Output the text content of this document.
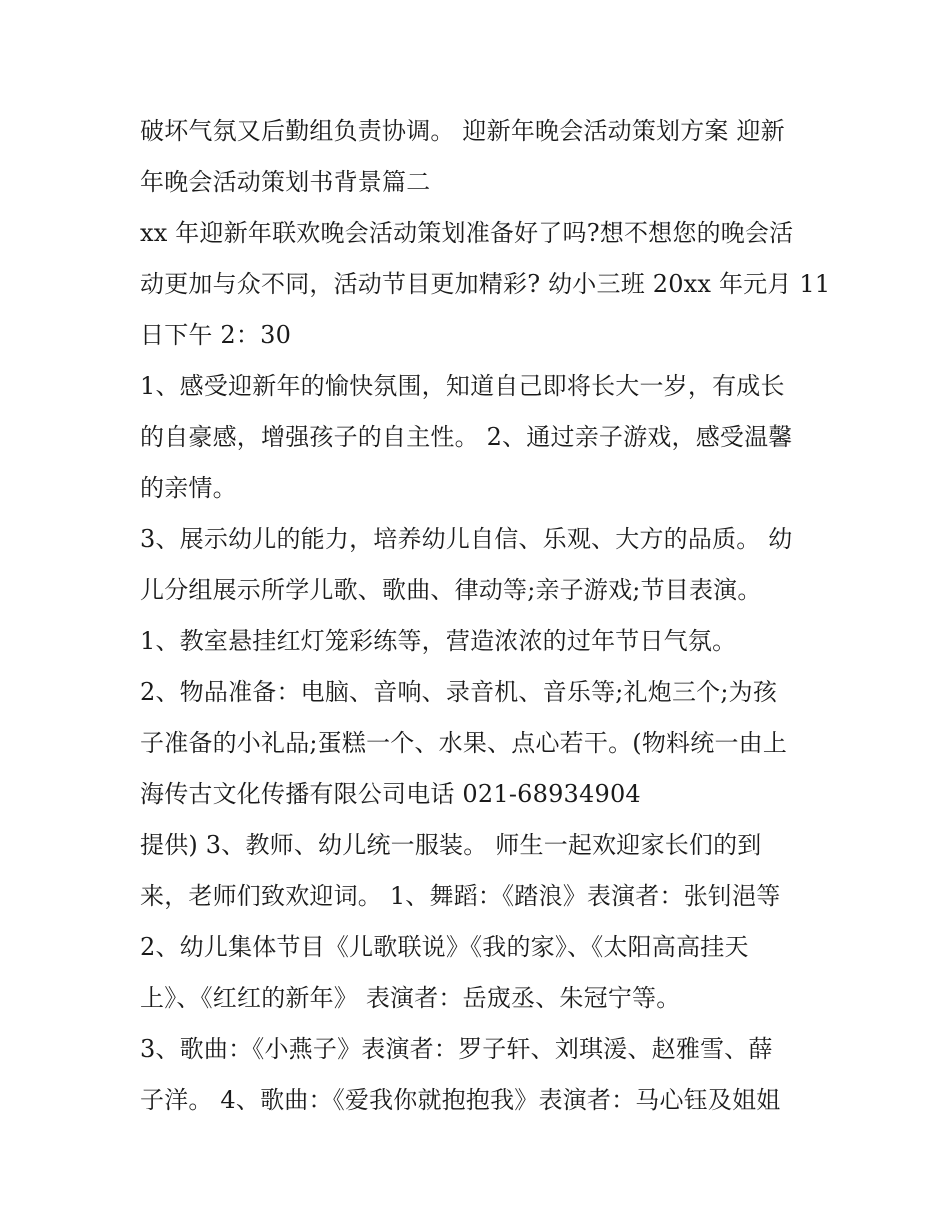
破坏气氛又后勤组负责协调。 迎新年晚会活动策划方案 迎新
年晚会活动策划书背景篇二
xx 年迎新年联欢晚会活动策划准备好了吗?想不想您的晚会活
动更加与众不同，活动节目更加精彩? 幼小三班 20xx 年元月 11
日下午 2：30
1、感受迎新年的愉快氛围，知道自己即将长大一岁，有成长
的自豪感，增强孩子的自主性。 2、通过亲子游戏，感受温馨
的亲情。
3、展示幼儿的能力，培养幼儿自信、乐观、大方的品质。 幼
儿分组展示所学儿歌、歌曲、律动等;亲子游戏;节目表演。
1、教室悬挂红灯笼彩练等，营造浓浓的过年节日气氛。
2、物品准备：电脑、音响、录音机、音乐等;礼炮三个;为孩
子准备的小礼品;蛋糕一个、水果、点心若干。(物料统一由上
海传古文化传播有限公司电话 021-68934904
提供) 3、教师、幼儿统一服装。 师生一起欢迎家长们的到
来，老师们致欢迎词。 1、舞蹈：《踏浪》表演者：张钊浥等
2、幼儿集体节目《儿歌联说》《我的家》、《太阳高高挂天
上》、《红红的新年》 表演者：岳宬丞、朱冠宁等。
3、歌曲：《小燕子》表演者：罗子轩、刘琪湲、赵雅雪、薛
子洋。 4、歌曲：《爱我你就抱抱我》表演者：马心钰及姐姐
